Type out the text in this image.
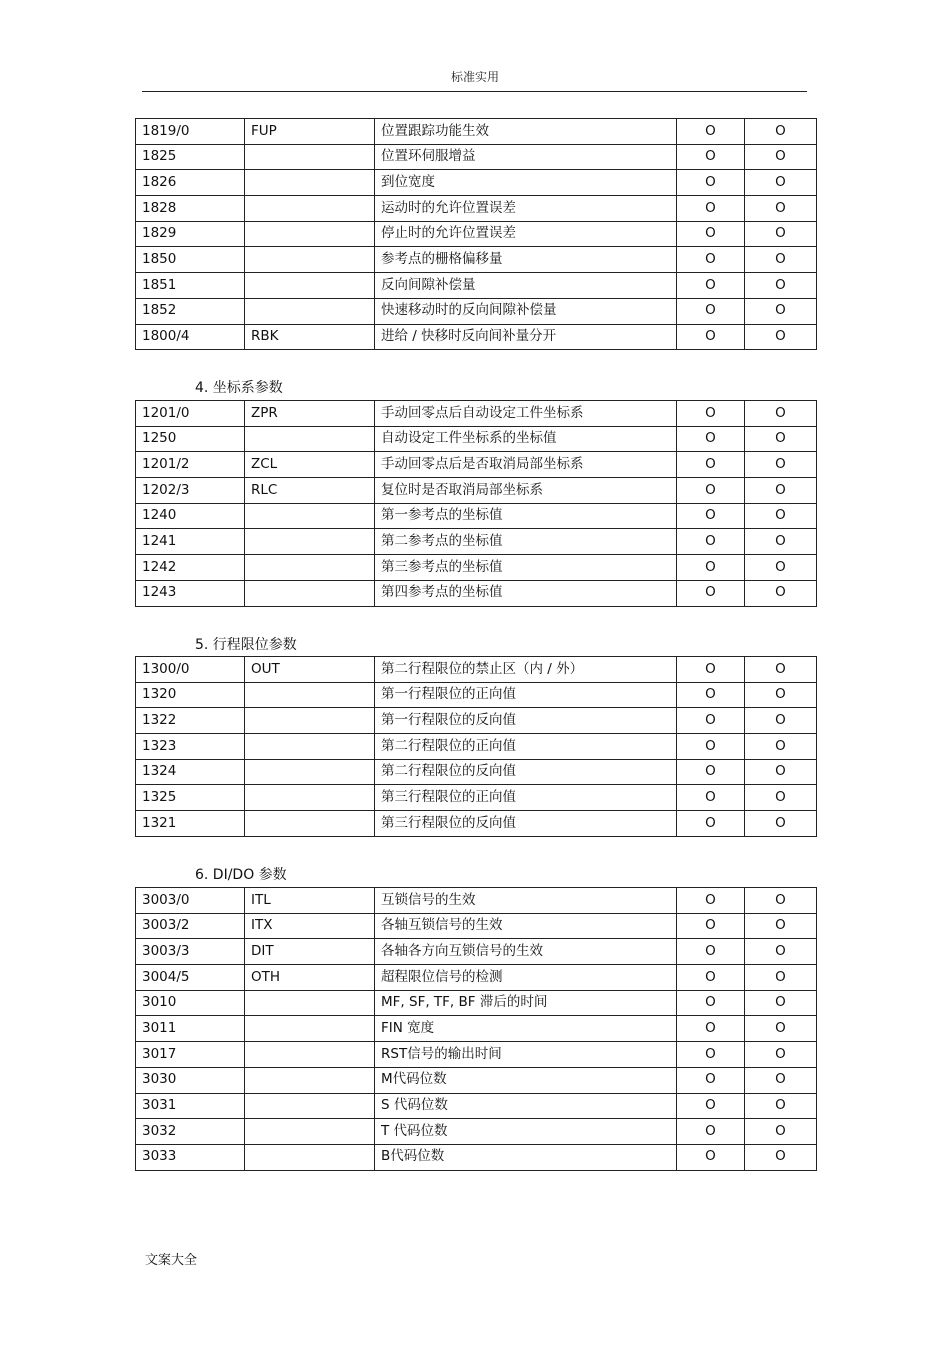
标准实用
1819/0	FUP	位置跟踪功能生效	O	O
1825		位置环伺服增益	O	O
1826		到位宽度	O	O
1828		运动时的允许位置误差	O	O
1829		停止时的允许位置误差	O	O
1850		参考点的栅格偏移量	O	O
1851		反向间隙补偿量	O	O
1852		快速移动时的反向间隙补偿量	O	O
1800/4	RBK	进给 / 快移时反向间补量分开	O	O
4. 坐标系参数
1201/0	ZPR	手动回零点后自动设定工件坐标系	O	O
1250		自动设定工件坐标系的坐标值	O	O
1201/2	ZCL	手动回零点后是否取消局部坐标系	O	O
1202/3	RLC	复位时是否取消局部坐标系	O	O
1240		第一参考点的坐标值	O	O
1241		第二参考点的坐标值	O	O
1242		第三参考点的坐标值	O	O
1243		第四参考点的坐标值	O	O
5. 行程限位参数
1300/0	OUT	第二行程限位的禁止区（内 / 外）	O	O
1320		第一行程限位的正向值	O	O
1322		第一行程限位的反向值	O	O
1323		第二行程限位的正向值	O	O
1324		第二行程限位的反向值	O	O
1325		第三行程限位的正向值	O	O
1321		第三行程限位的反向值	O	O
6. DI/DO 参数
3003/0	ITL	互锁信号的生效	O	O
3003/2	ITX	各轴互锁信号的生效	O	O
3003/3	DIT	各轴各方向互锁信号的生效	O	O
3004/5	OTH	超程限位信号的检测	O	O
3010		MF, SF, TF, BF 滞后的时间	O	O
3011		FIN 宽度	O	O
3017		RST信号的输出时间	O	O
3030		M代码位数	O	O
3031		S 代码位数	O	O
3032		T 代码位数	O	O
3033		B代码位数	O	O
文案大全
